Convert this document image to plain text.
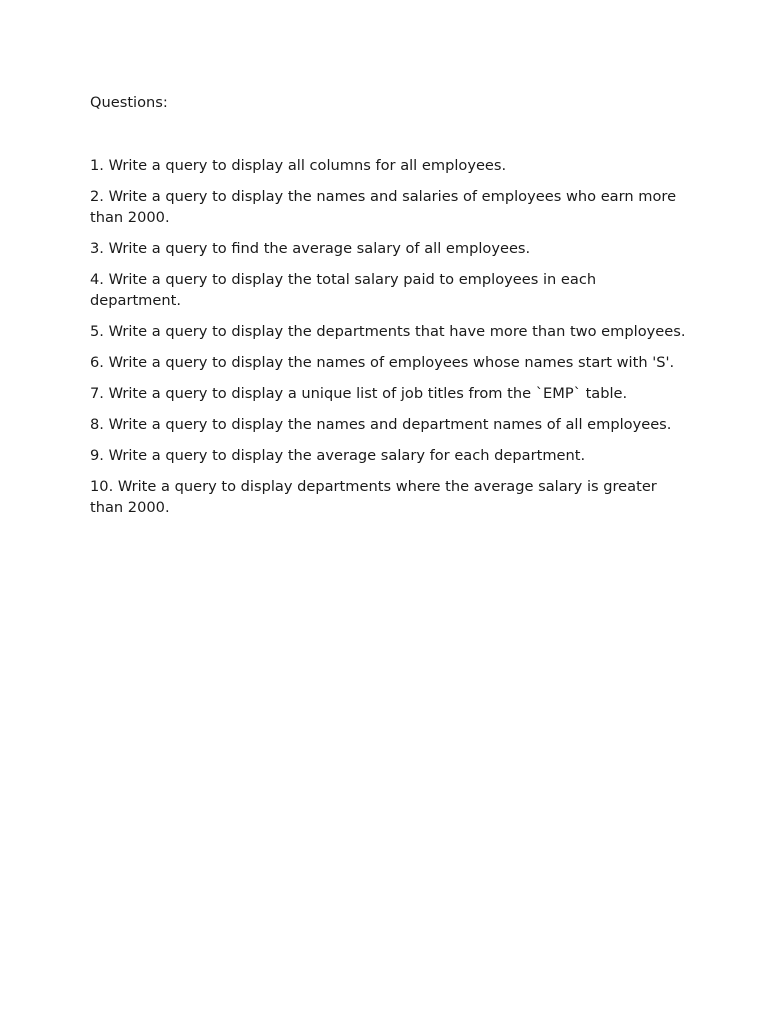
Questions:
1. Write a query to display all columns for all employees.
2. Write a query to display the names and salaries of employees who earn more than 2000.
3. Write a query to find the average salary of all employees.
4. Write a query to display the total salary paid to employees in each department.
5. Write a query to display the departments that have more than two employees.
6. Write a query to display the names of employees whose names start with 'S'.
7. Write a query to display a unique list of job titles from the `EMP` table.
8. Write a query to display the names and department names of all employees.
9. Write a query to display the average salary for each department.
10. Write a query to display departments where the average salary is greater than 2000.
